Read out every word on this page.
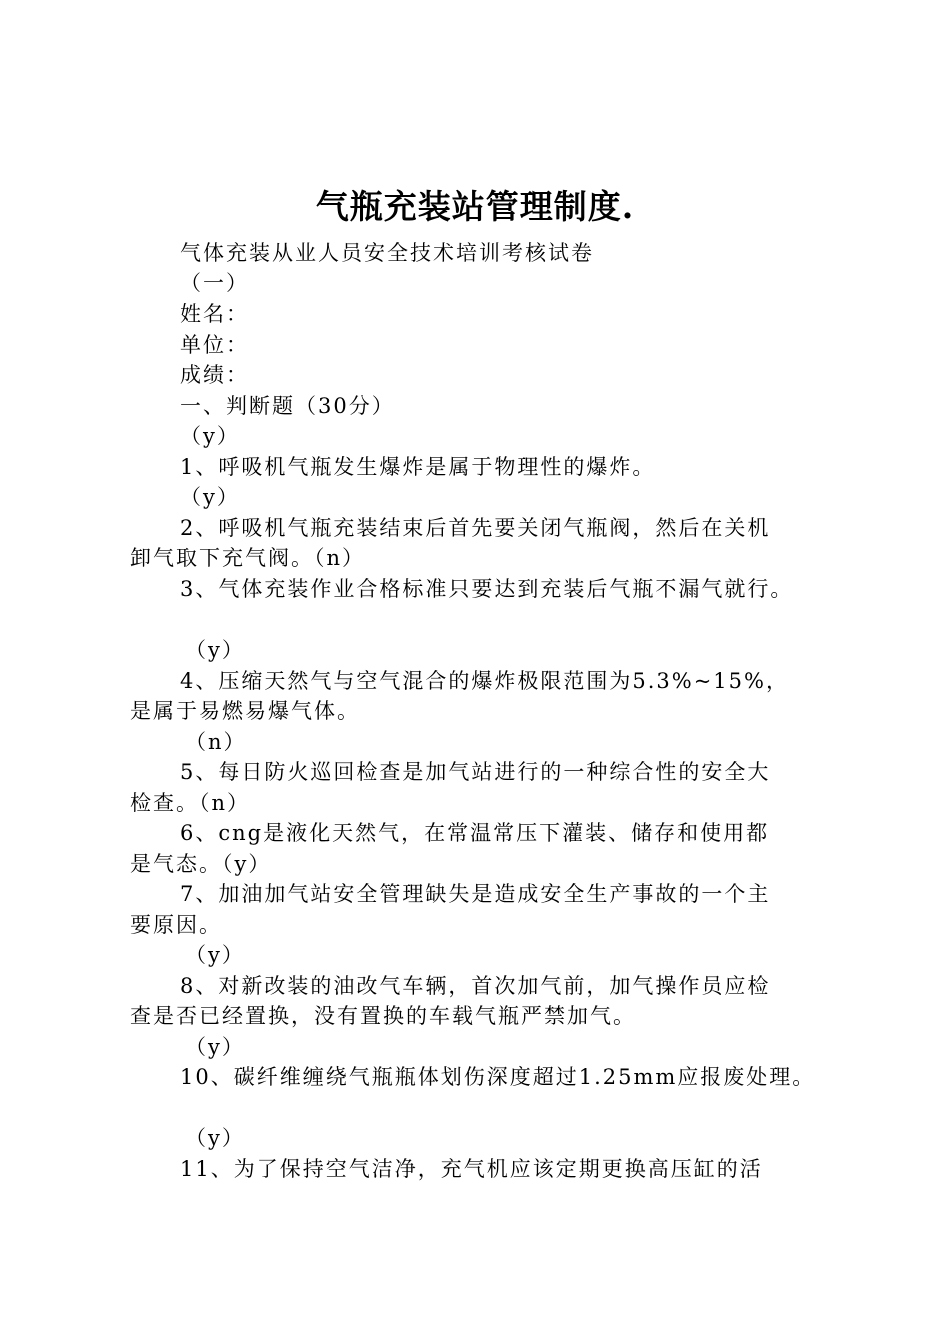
气瓶充装站管理制度.
气体充装从业人员安全技术培训考核试卷
（一）
姓名：
单位：
成绩：
一、判断题（30分）
（y）
1、呼吸机气瓶发生爆炸是属于物理性的爆炸。
（y）
2、呼吸机气瓶充装结束后首先要关闭气瓶阀，然后在关机
卸气取下充气阀。（n）
3、气体充装作业合格标准只要达到充装后气瓶不漏气就行。
（y）
4、压缩天然气与空气混合的爆炸极限范围为5.3%~15%，
是属于易燃易爆气体。
（n）
5、每日防火巡回检查是加气站进行的一种综合性的安全大
检查。（n）
6、cng是液化天然气，在常温常压下灌装、储存和使用都
是气态。（y）
7、加油加气站安全管理缺失是造成安全生产事故的一个主
要原因。
（y）
8、对新改装的油改气车辆，首次加气前，加气操作员应检
查是否已经置换，没有置换的车载气瓶严禁加气。
（y）
10、碳纤维缠绕气瓶瓶体划伤深度超过1.25mm应报废处理。
（y）
11、为了保持空气洁净，充气机应该定期更换高压缸的活
